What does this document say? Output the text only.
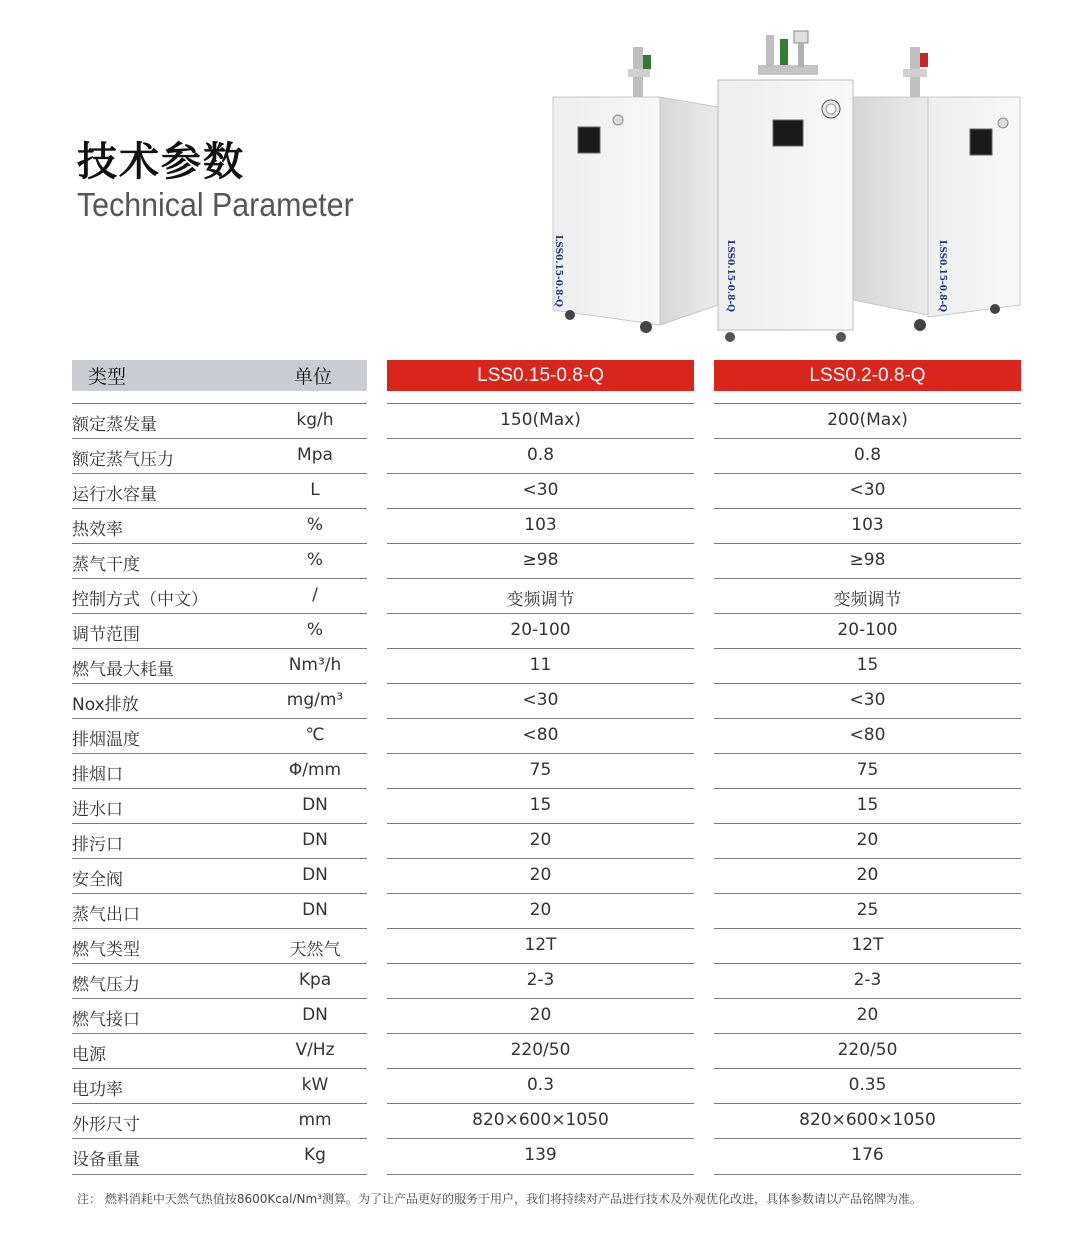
技术参数
Technical Parameter
LSS0.15-0.8-Q	LSS0.15-0.8-Q
LSS0.15-0.8-Q
类型	单位	LSS0.15-0.8-Q	LSS0.2-0.8-Q
额定蒸发量	kg/h	150(Max)	200(Max)
额定蒸气压力	Mpa	0.8	0.8
运行水容量	L	<30	<30
热效率	%	103	103
蒸气干度	%	≥98	≥98
控制方式（中文）	/	变频调节	变频调节
调节范围	%	20-100	20-100
燃气最大耗量	Nm³/h	11	15
Nox排放	mg/m³	<30	<30
排烟温度	℃	<80	<80
排烟口	Φ/mm	75	75
进水口	DN	15	15
排污口	DN	20	20
安全阀	DN	20	20
蒸气出口	DN	20	25
燃气类型	天然气	12T	12T
燃气压力	Kpa	2-3	2-3
燃气接口	DN	20	20
电源	V/Hz	220/50	220/50
电功率	kW	0.3	0.35
外形尺寸	mm	820×600×1050	820×600×1050
设备重量	Kg	139	176
注： 燃料消耗中天然气热值按8600Kcal/Nm³测算。为了让产品更好的服务于用户，我们将持续对产品进行技术及外观优化改进，具体参数请以产品铭牌为准。
